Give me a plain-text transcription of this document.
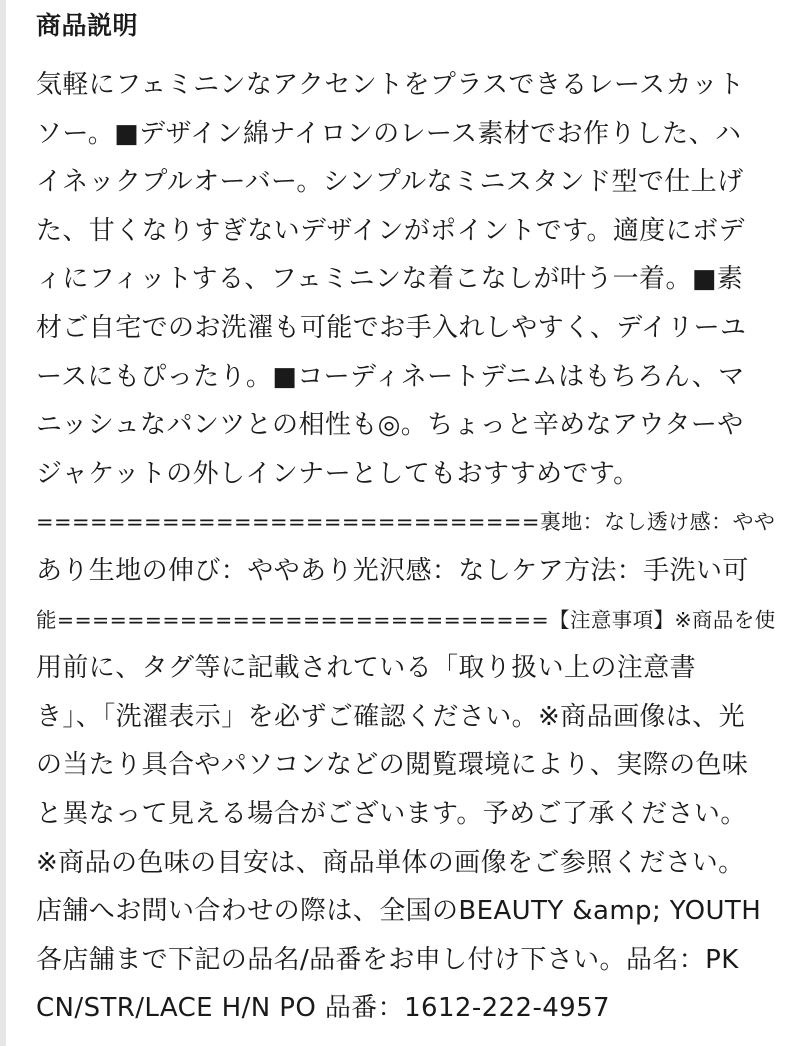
商品説明
気軽にフェミニンなアクセントをプラスできるレースカット
ソー。■デザイン綿ナイロンのレース素材でお作りした、ハ
イネックプルオーバー。シンプルなミニスタンド型で仕上げ
た、甘くなりすぎないデザインがポイントです。適度にボデ
ィにフィットする、フェミニンな着こなしが叶う一着。■素
材ご自宅でのお洗濯も可能でお手入れしやすく、デイリーユ
ースにもぴったり。■コーディネートデニムはもちろん、マ
ニッシュなパンツとの相性も◎。ちょっと辛めなアウターや
ジャケットの外しインナーとしてもおすすめです。
============================裏地：なし透け感：やや
あり生地の伸び：ややあり光沢感：なしケア方法：手洗い可
能============================【注意事項】※商品を使
用前に、タグ等に記載されている「取り扱い上の注意書
き」、「洗濯表示」を必ずご確認ください。※商品画像は、光
の当たり具合やパソコンなどの閲覧環境により、実際の色味
と異なって見える場合がございます。予めご了承ください。
※商品の色味の目安は、商品単体の画像をご参照ください。
店舗へお問い合わせの際は、全国のBEAUTY &amp; YOUTH
各店舗まで下記の品名/品番をお申し付け下さい。品名：PK
CN/STR/LACE H/N PO 品番：1612-222-4957
